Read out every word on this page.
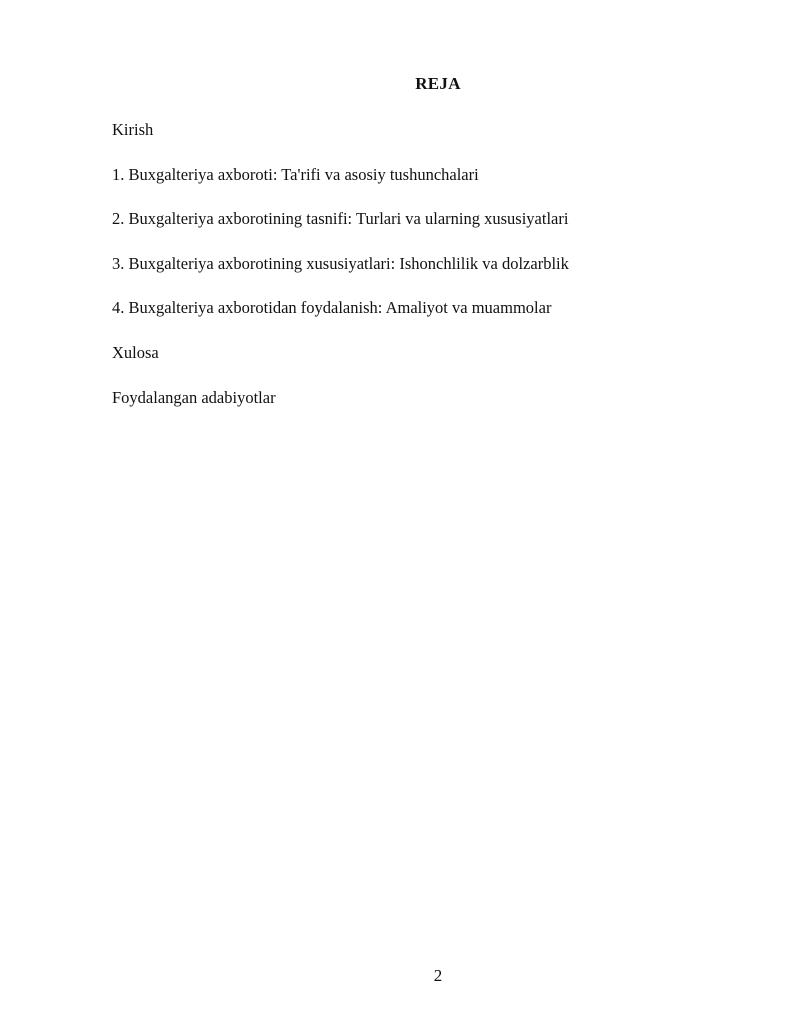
REJA
Kirish
1. Buxgalteriya axboroti: Ta'rifi va asosiy tushunchalari
2. Buxgalteriya axborotining tasnifi: Turlari va ularning xususiyatlari
3. Buxgalteriya axborotining xususiyatlari: Ishonchlilik va dolzarblik
4. Buxgalteriya axborotidan foydalanish: Amaliyot va muammolar
Xulosa
Foydalangan adabiyotlar
2
